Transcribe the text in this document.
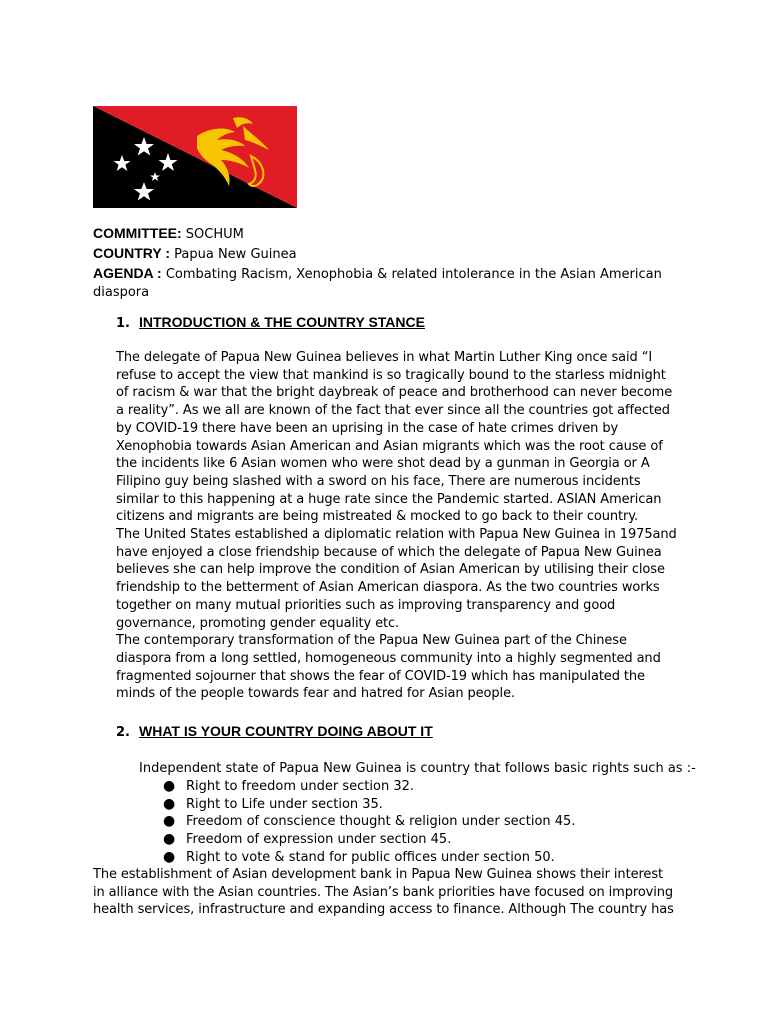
COMMITTEE: SOCHUM
COUNTRY : Papua New Guinea
AGENDA : Combating Racism, Xenophobia & related intolerance in the Asian American diaspora
1. INTRODUCTION & THE COUNTRY STANCE

The delegate of Papua New Guinea believes in what Martin Luther King once said “I refuse to accept the view that mankind is so tragically bound to the starless midnight of racism & war that the bright daybreak of peace and brotherhood can never become a reality”. As we all are known of the fact that ever since all the countries got affected by COVID-19 there have been an uprising in the case of hate crimes driven by Xenophobia towards Asian American and Asian migrants which was the root cause of the incidents like 6 Asian women who were shot dead by a gunman in Georgia or A Filipino guy being slashed with a sword on his face, There are numerous incidents similar to this happening at a huge rate since the Pandemic started. ASIAN American citizens and migrants are being mistreated & mocked to go back to their country.

The United States established a diplomatic relation with Papua New Guinea in 1975and have enjoyed a close friendship because of which the delegate of Papua New Guinea believes she can help improve the condition of Asian American by utilising their close friendship to the betterment of Asian American diaspora. As the two countries works together on many mutual priorities such as improving transparency and good governance, promoting gender equality etc.

The contemporary transformation of the Papua New Guinea part of the Chinese diaspora from a long settled, homogeneous community into a highly segmented and fragmented sojourner that shows the fear of COVID-19 which has manipulated the minds of the people towards fear and hatred for Asian people.

2. WHAT IS YOUR COUNTRY DOING ABOUT IT
Independent state of Papua New Guinea is country that follows basic rights such as :-
● Right to freedom under section 32.
● Right to Life under section 35.
● Freedom of conscience thought & religion under section 45.
● Freedom of expression under section 45.
● Right to vote & stand for public offices under section 50.
The establishment of Asian development bank in Papua New Guinea shows their interest in alliance with the Asian countries. The Asian’s bank priorities have focused on improving health services, infrastructure and expanding access to finance. Although The country has
